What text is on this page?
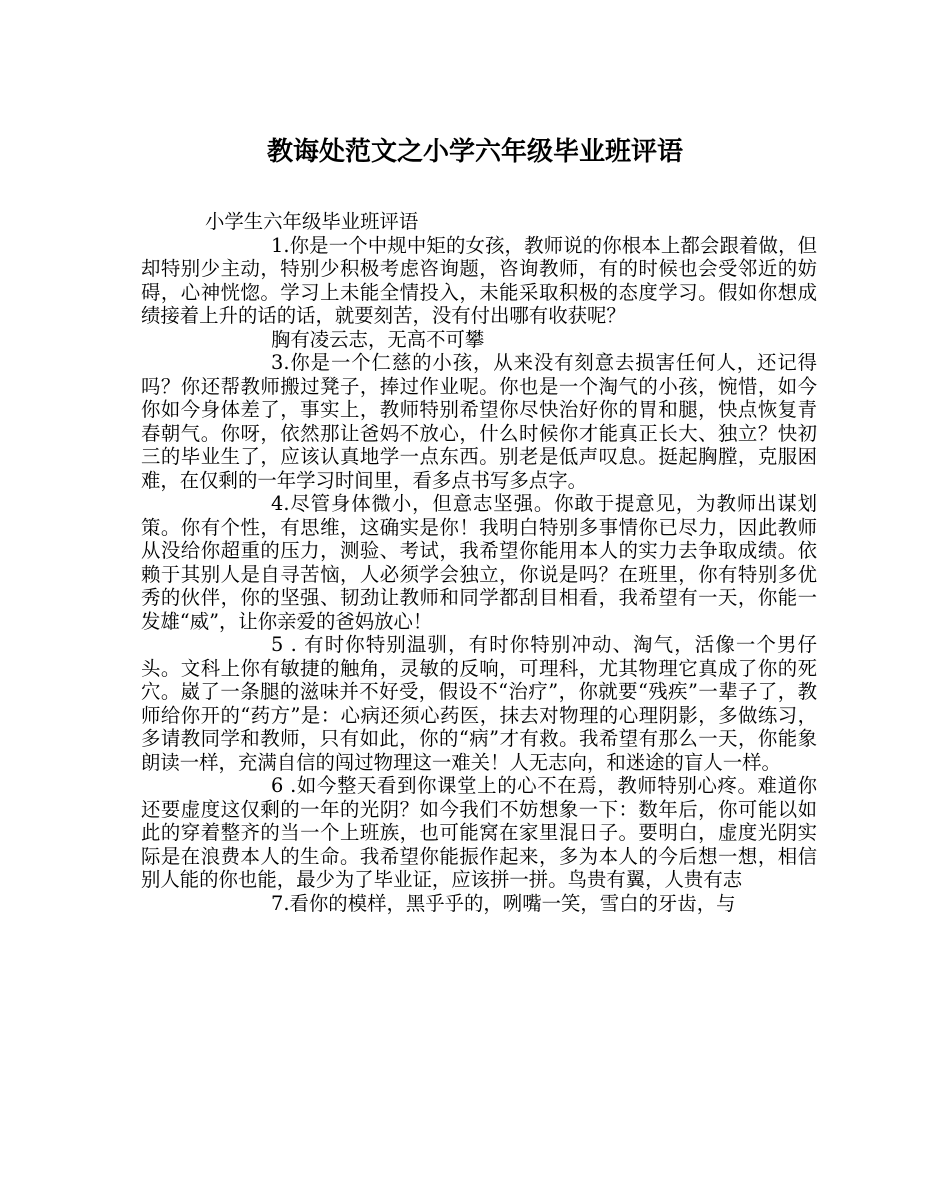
教诲处范文之小学六年级毕业班评语

小学生六年级毕业班评语

1.你是一个中规中矩的女孩，教师说的你根本上都会跟着做，但却特别少主动，特别少积极考虑咨询题，咨询教师，有的时候也会受邻近的妨碍，心神恍惚。学习上未能全情投入，未能采取积极的态度学习。假如你想成绩接着上升的话的话，就要刻苦，没有付出哪有收获呢？

胸有凌云志，无高不可攀

3.你是一个仁慈的小孩，从来没有刻意去损害任何人，还记得吗？你还帮教师搬过凳子，捧过作业呢。你也是一个淘气的小孩，惋惜，如今你如今身体差了，事实上，教师特别希望你尽快治好你的胃和腿，快点恢复青春朝气。你呀，依然那让爸妈不放心，什么时候你才能真正长大、独立？快初三的毕业生了，应该认真地学一点东西。别老是低声叹息。挺起胸膛，克服困难，在仅剩的一年学习时间里，看多点书写多点字。

4.尽管身体微小，但意志坚强。你敢于提意见，为教师出谋划策。你有个性，有思维，这确实是你！我明白特别多事情你已尽力，因此教师从没给你超重的压力，测验、考试，我希望你能用本人的实力去争取成绩。依赖于其别人是自寻苦恼，人必须学会独立，你说是吗？在班里，你有特别多优秀的伙伴，你的坚强、韧劲让教师和同学都刮目相看，我希望有一天，你能一发雄“威”，让你亲爱的爸妈放心！

5 . 有时你特别温驯，有时你特别冲动、淘气，活像一个男仔头。文科上你有敏捷的触角，灵敏的反响，可理科，尤其物理它真成了你的死穴。崴了一条腿的滋味并不好受，假设不“治疗”，你就要“残疾”一辈子了，教师给你开的“药方”是：心病还须心药医，抹去对物理的心理阴影，多做练习，多请教同学和教师，只有如此，你的“病”才有救。我希望有那么一天，你能象朗读一样，充满自信的闯过物理这一难关！人无志向，和迷途的盲人一样。

6 .如今整天看到你课堂上的心不在焉，教师特别心疼。难道你还要虚度这仅剩的一年的光阴？如今我们不妨想象一下：数年后，你可能以如此的穿着整齐的当一个上班族，也可能窝在家里混日子。要明白，虚度光阴实际是在浪费本人的生命。我希望你能振作起来，多为本人的今后想一想，相信别人能的你也能，最少为了毕业证，应该拼一拼。鸟贵有翼，人贵有志

7.看你的模样，黑乎乎的，咧嘴一笑，雪白的牙齿，与
